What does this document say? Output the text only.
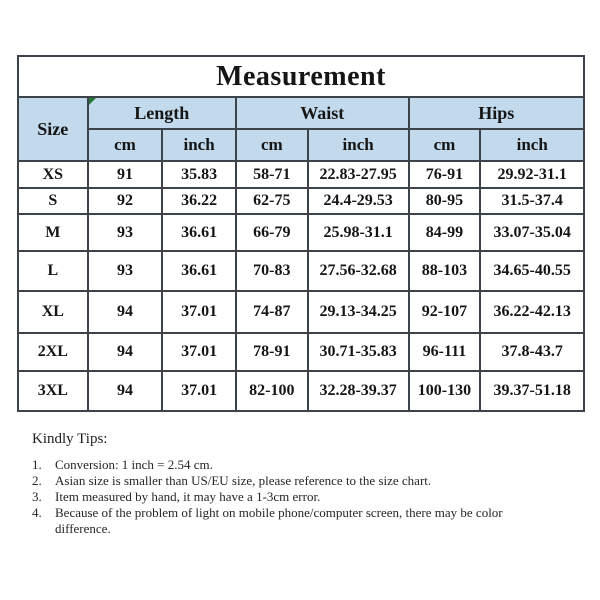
Measurement						
Size	Length		Waist		Hips	
	cm	inch	cm	inch	cm	inch
XS	91	35.83	58-71	22.83-27.95	76-91	29.92-31.1
S	92	36.22	62-75	24.4-29.53	80-95	31.5-37.4
M	93	36.61	66-79	25.98-31.1	84-99	33.07-35.04
L	93	36.61	70-83	27.56-32.68	88-103	34.65-40.55
XL	94	37.01	74-87	29.13-34.25	92-107	36.22-42.13
2XL	94	37.01	78-91	30.71-35.83	96-111	37.8-43.7
3XL	94	37.01	82-100	32.28-39.37	100-130	39.37-51.18
Kindly Tips:
1.	Conversion: 1 inch = 2.54 cm.
2.	Asian size is smaller than US/EU size, please reference to the size chart.
3.	Item measured by hand, it may have a 1-3cm error.
4.	Because of the problem of light on mobile phone/computer screen, there may be color difference.
